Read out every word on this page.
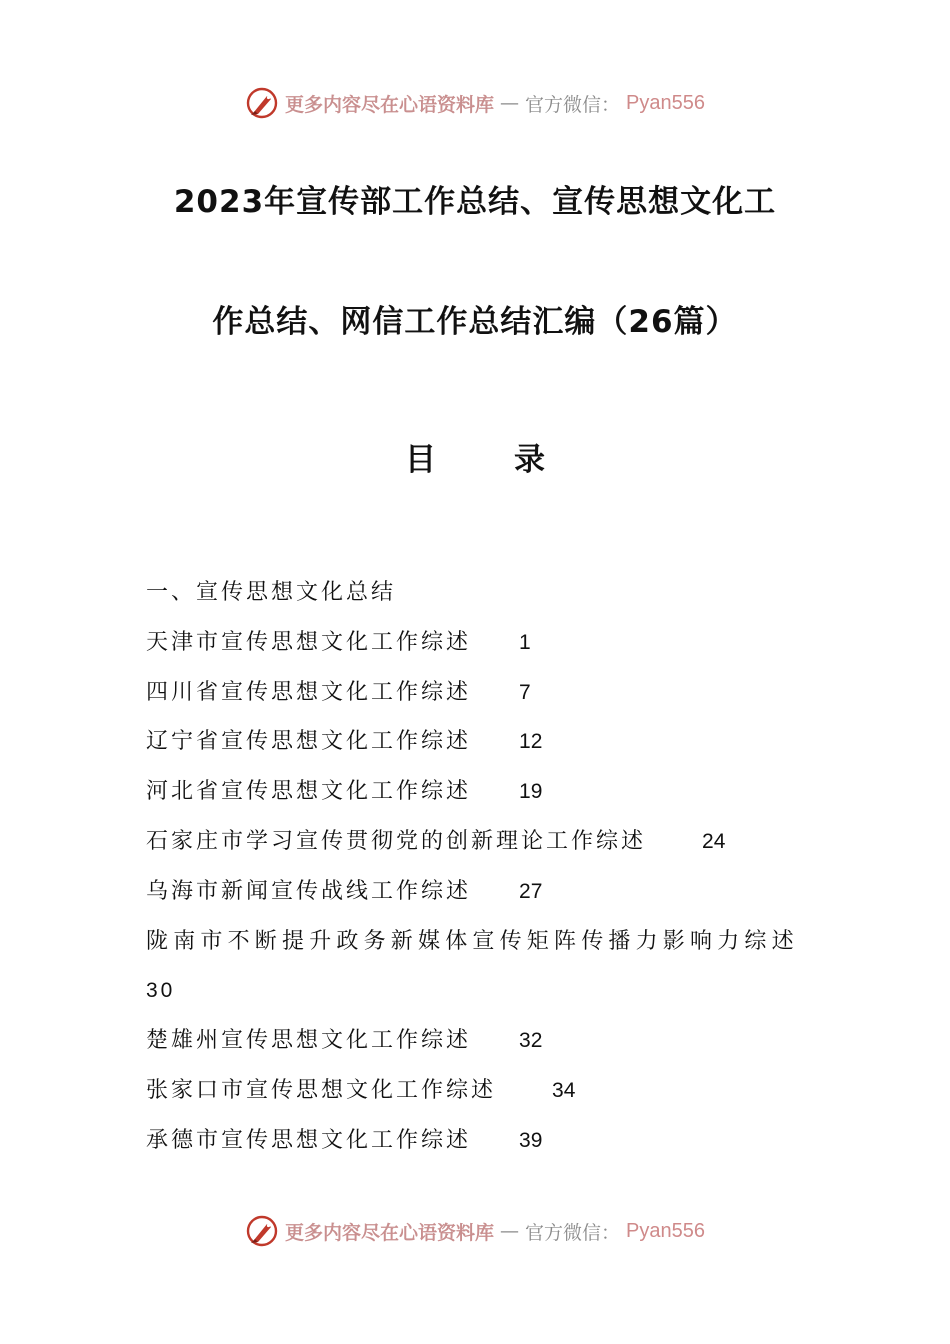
更多内容尽在心语资料库 — 官方微信： Pyan556
2023年宣传部工作总结、宣传思想文化工
作总结、网信工作总结汇编（26篇）
目	录
一、宣传思想文化总结
天津市宣传思想文化工作综述 1
四川省宣传思想文化工作综述 7
辽宁省宣传思想文化工作综述 12
河北省宣传思想文化工作综述 19
石家庄市学习宣传贯彻党的创新理论工作综述	24
乌海市新闻宣传战线工作综述 27
陇南市不断提升政务新媒体宣传矩阵传播力影响力综述
30
楚雄州宣传思想文化工作综述 32
张家口市宣传思想文化工作综述	34
承德市宣传思想文化工作综述 39
更多内容尽在心语资料库 — 官方微信： Pyan556
